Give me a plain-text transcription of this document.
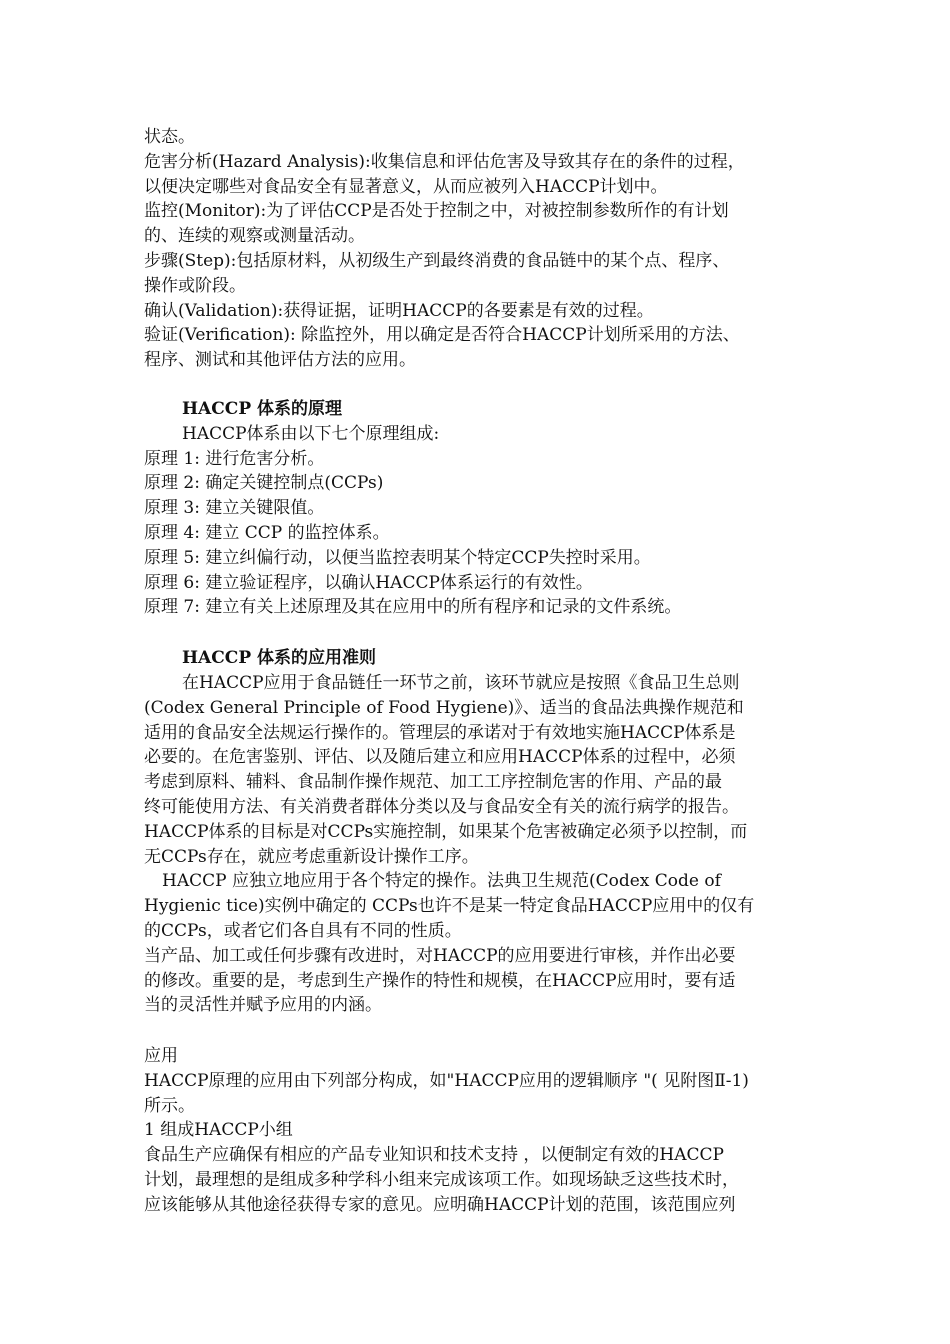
状态。

危害分析(Hazard Analysis):收集信息和评估危害及导致其存在的条件的过程，

以便决定哪些对食品安全有显著意义，从而应被列入HACCP计划中。

监控(Monitor):为了评估CCP是否处于控制之中，对被控制参数所作的有计划

的、连续的观察或测量活动。

步骤(Step):包括原材料，从初级生产到最终消费的食品链中的某个点、程序、

操作或阶段。

确认(Validation):获得证据，证明HACCP的各要素是有效的过程。

验证(Verification): 除监控外，用以确定是否符合HACCP计划所采用的方法、

程序、测试和其他评估方法的应用。

HACCP 体系的原理

HACCP体系由以下七个原理组成:

原理 1: 进行危害分析。

原理 2: 确定关键控制点(CCPs)

原理 3: 建立关键限值。

原理 4: 建立 CCP 的监控体系。

原理 5: 建立纠偏行动，以便当监控表明某个特定CCP失控时采用。

原理 6: 建立验证程序，以确认HACCP体系运行的有效性。

原理 7: 建立有关上述原理及其在应用中的所有程序和记录的文件系统。

HACCP 体系的应用准则

在HACCP应用于食品链任一环节之前，该环节就应是按照《食品卫生总则

(Codex General Principle of Food Hygiene)》、适当的食品法典操作规范和

适用的食品安全法规运行操作的。管理层的承诺对于有效地实施HACCP体系是

必要的。在危害鉴别、评估、以及随后建立和应用HACCP体系的过程中，必须

考虑到原料、辅料、食品制作操作规范、加工工序控制危害的作用、产品的最

终可能使用方法、有关消费者群体分类以及与食品安全有关的流行病学的报告。

HACCP体系的目标是对CCPs实施控制，如果某个危害被确定必须予以控制，而

无CCPs存在，就应考虑重新设计操作工序。

HACCP 应独立地应用于各个特定的操作。法典卫生规范(Codex Code of

Hygienic tice)实例中确定的 CCPs也许不是某一特定食品HACCP应用中的仅有

的CCPs，或者它们各自具有不同的性质。

当产品、加工或任何步骤有改进时，对HACCP的应用要进行审核，并作出必要

的修改。重要的是，考虑到生产操作的特性和规模，在HACCP应用时，要有适

当的灵活性并赋予应用的内涵。

应用

HACCP原理的应用由下列部分构成，如"HACCP应用的逻辑顺序 "( 见附图Ⅱ-1)

所示。

1 组成HACCP小组

食品生产应确保有相应的产品专业知识和技术支持 ，以便制定有效的HACCP

计划，最理想的是组成多种学科小组来完成该项工作。如现场缺乏这些技术时，

应该能够从其他途径获得专家的意见。应明确HACCP计划的范围，该范围应列
